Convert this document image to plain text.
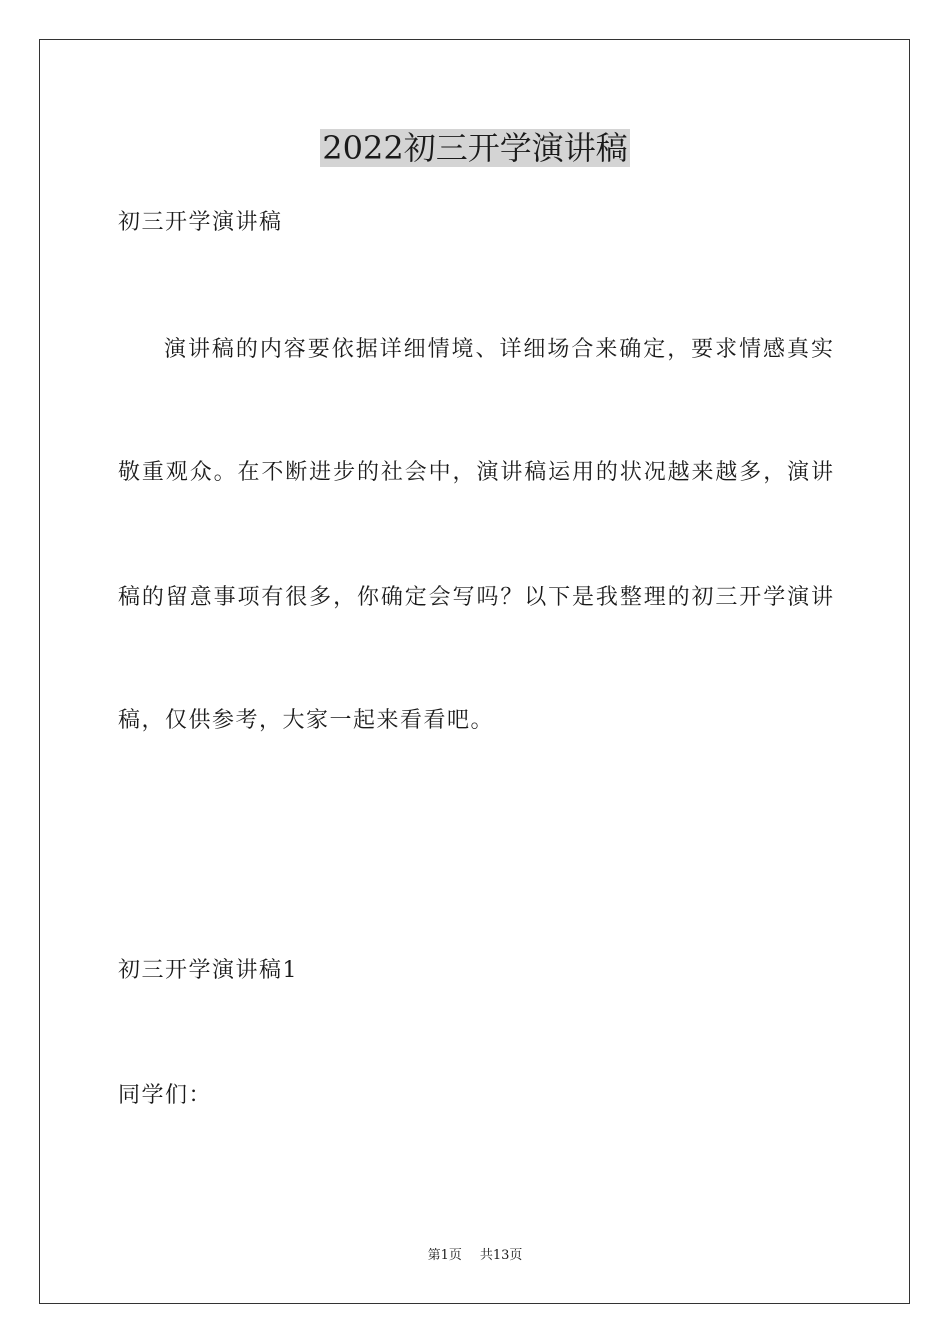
2022初三开学演讲稿
初三开学演讲稿
演讲稿的内容要依据详细情境、详细场合来确定，要求情感真实
敬重观众。在不断进步的社会中，演讲稿运用的状况越来越多，演讲
稿的留意事项有很多，你确定会写吗？以下是我整理的初三开学演讲
稿，仅供参考，大家一起来看看吧。
初三开学演讲稿1
同学们：
第1页 共13页
